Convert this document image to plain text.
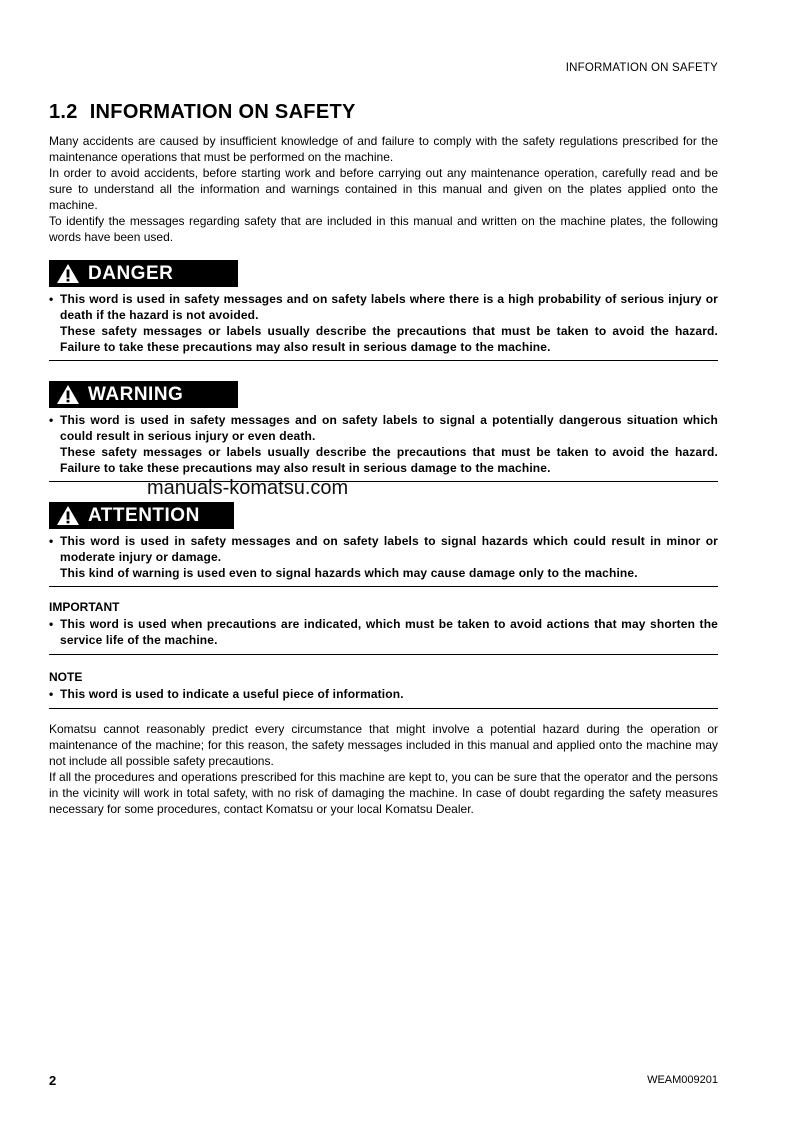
INFORMATION ON SAFETY
1.2 INFORMATION ON SAFETY

Many accidents are caused by insufficient knowledge of and failure to comply with the safety regulations prescribed for the maintenance operations that must be performed on the machine.

In order to avoid accidents, before starting work and before carrying out any maintenance operation, carefully read and be sure to understand all the information and warnings contained in this manual and given on the plates applied onto the machine.

To identify the messages regarding safety that are included in this manual and written on the machine plates, the following words have been used.

DANGER
• This word is used in safety messages and on safety labels where there is a high probability of serious injury or death if the hazard is not avoided.
These safety messages or labels usually describe the precautions that must be taken to avoid the hazard. Failure to take these precautions may also result in serious damage to the machine.
WARNING
• This word is used in safety messages and on safety labels to signal a potentially dangerous situation which could result in serious injury or even death.
These safety messages or labels usually describe the precautions that must be taken to avoid the hazard. Failure to take these precautions may also result in serious damage to the machine.
manuals-komatsu.com
ATTENTION
• This word is used in safety messages and on safety labels to signal hazards which could result in minor or moderate injury or damage.
This kind of warning is used even to signal hazards which may cause damage only to the machine.

IMPORTANT

• This word is used when precautions are indicated, which must be taken to avoid actions that may shorten the service life of the machine.

NOTE

• This word is used to indicate a useful piece of information.

Komatsu cannot reasonably predict every circumstance that might involve a potential hazard during the operation or maintenance of the machine; for this reason, the safety messages included in this manual and applied onto the machine may not include all possible safety precautions.

If all the procedures and operations prescribed for this machine are kept to, you can be sure that the operator and the persons in the vicinity will work in total safety, with no risk of damaging the machine. In case of doubt regarding the safety measures necessary for some procedures, contact Komatsu or your local Komatsu Dealer.

2	WEAM009201
